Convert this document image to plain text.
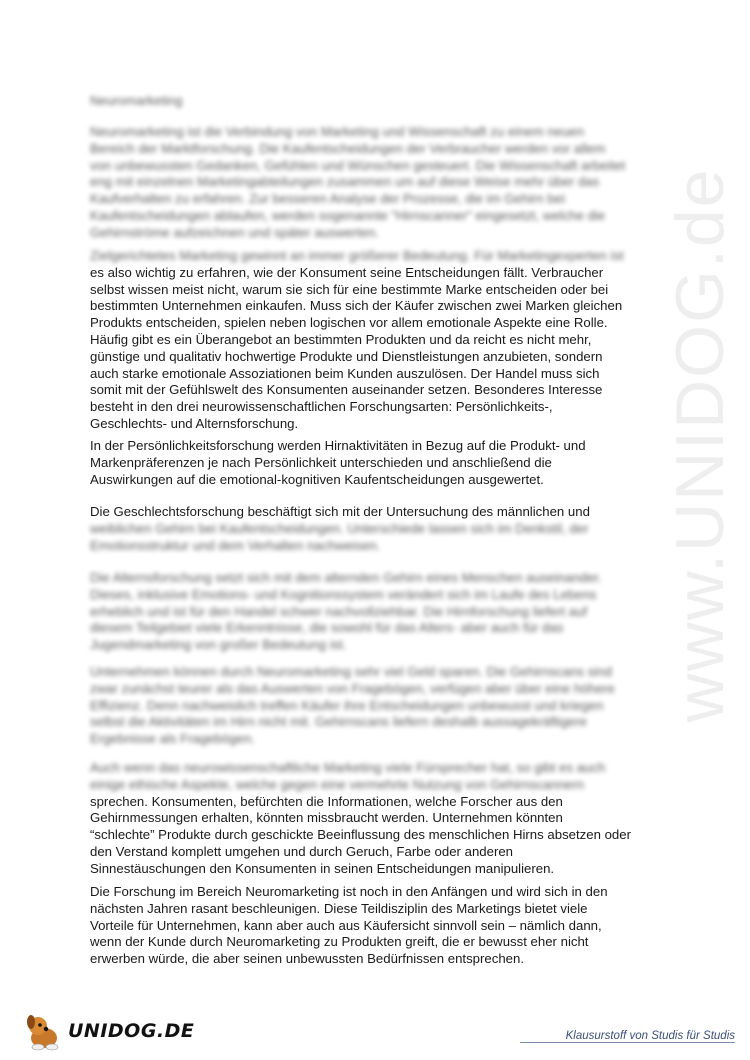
www.UNIDOG.de
Neuromarketing

Neuromarketing ist die Verbindung von Marketing und Wissenschaft zu einem neuen
Bereich der Marktforschung. Die Kaufentscheidungen der Verbraucher werden vor allem
von unbewussten Gedanken, Gefühlen und Wünschen gesteuert. Die Wissenschaft arbeitet
eng mit einzelnen Marketingabteilungen zusammen um auf diese Weise mehr über das
Kaufverhalten zu erfahren. Zur besseren Analyse der Prozesse, die im Gehirn bei
Kaufentscheidungen ablaufen, werden sogenannte "Hirnscanner" eingesetzt, welche die
Gehirnströme aufzeichnen und später auswerten.

Zielgerichtetes Marketing gewinnt an immer größerer Bedeutung. Für Marketingexperten ist
es also wichtig zu erfahren, wie der Konsument seine Entscheidungen fällt. Verbraucher
selbst wissen meist nicht, warum sie sich für eine bestimmte Marke entscheiden oder bei
bestimmten Unternehmen einkaufen. Muss sich der Käufer zwischen zwei Marken gleichen
Produkts entscheiden, spielen neben logischen vor allem emotionale Aspekte eine Rolle.
Häufig gibt es ein Überangebot an bestimmten Produkten und da reicht es nicht mehr,
günstige und qualitativ hochwertige Produkte und Dienstleistungen anzubieten, sondern
auch starke emotionale Assoziationen beim Kunden auszulösen. Der Handel muss sich
somit mit der Gefühlswelt des Konsumenten auseinander setzen. Besonderes Interesse
besteht in den drei neurowissenschaftlichen Forschungsarten: Persönlichkeits-,
Geschlechts- und Alternsforschung.

In der Persönlichkeitsforschung werden Hirnaktivitäten in Bezug auf die Produkt- und
Markenpräferenzen je nach Persönlichkeit unterschieden und anschließend die
Auswirkungen auf die emotional-kognitiven Kaufentscheidungen ausgewertet.

Die Geschlechtsforschung beschäftigt sich mit der Untersuchung des männlichen und
weiblichen Gehirn bei Kaufentscheidungen. Unterschiede lassen sich im Denkstil, der
Emotionsstruktur und dem Verhalten nachweisen.

Die Alternsforschung setzt sich mit dem alternden Gehirn eines Menschen auseinander.
Dieses, inklusive Emotions- und Kognitionssystem verändert sich im Laufe des Lebens
erheblich und ist für den Handel schwer nachvollziehbar. Die Hirnforschung liefert auf
diesem Teilgebiet viele Erkenntnisse, die sowohl für das Alters- aber auch für das
Jugendmarketing von großer Bedeutung ist.

Unternehmen können durch Neuromarketing sehr viel Geld sparen. Die Gehirnscans sind
zwar zunächst teurer als das Auswerten von Fragebögen, verfügen aber über eine höhere
Effizienz. Denn nachweislich treffen Käufer ihre Entscheidungen unbewusst und kriegen
selbst die Aktivitäten im Hirn nicht mit. Gehirnscans liefern deshalb aussagekräftigere
Ergebnisse als Fragebögen.

Auch wenn das neurowissenschaftliche Marketing viele Fürsprecher hat, so gibt es auch
einige ethische Aspekte, welche gegen eine vermehrte Nutzung von Gehirnscannern
sprechen. Konsumenten, befürchten die Informationen, welche Forscher aus den
Gehirnmessungen erhalten, könnten missbraucht werden. Unternehmen könnten
“schlechte” Produkte durch geschickte Beeinflussung des menschlichen Hirns absetzen oder
den Verstand komplett umgehen und durch Geruch, Farbe oder anderen
Sinnestäuschungen den Konsumenten in seinen Entscheidungen manipulieren.

Die Forschung im Bereich Neuromarketing ist noch in den Anfängen und wird sich in den
nächsten Jahren rasant beschleunigen. Diese Teildisziplin des Marketings bietet viele
Vorteile für Unternehmen, kann aber auch aus Käufersicht sinnvoll sein – nämlich dann,
wenn der Kunde durch Neuromarketing zu Produkten greift, die er bewusst eher nicht
erwerben würde, die aber seinen unbewussten Bedürfnissen entsprechen.

UNIDOG.DE	Klausurstoff von Studis für Studis
